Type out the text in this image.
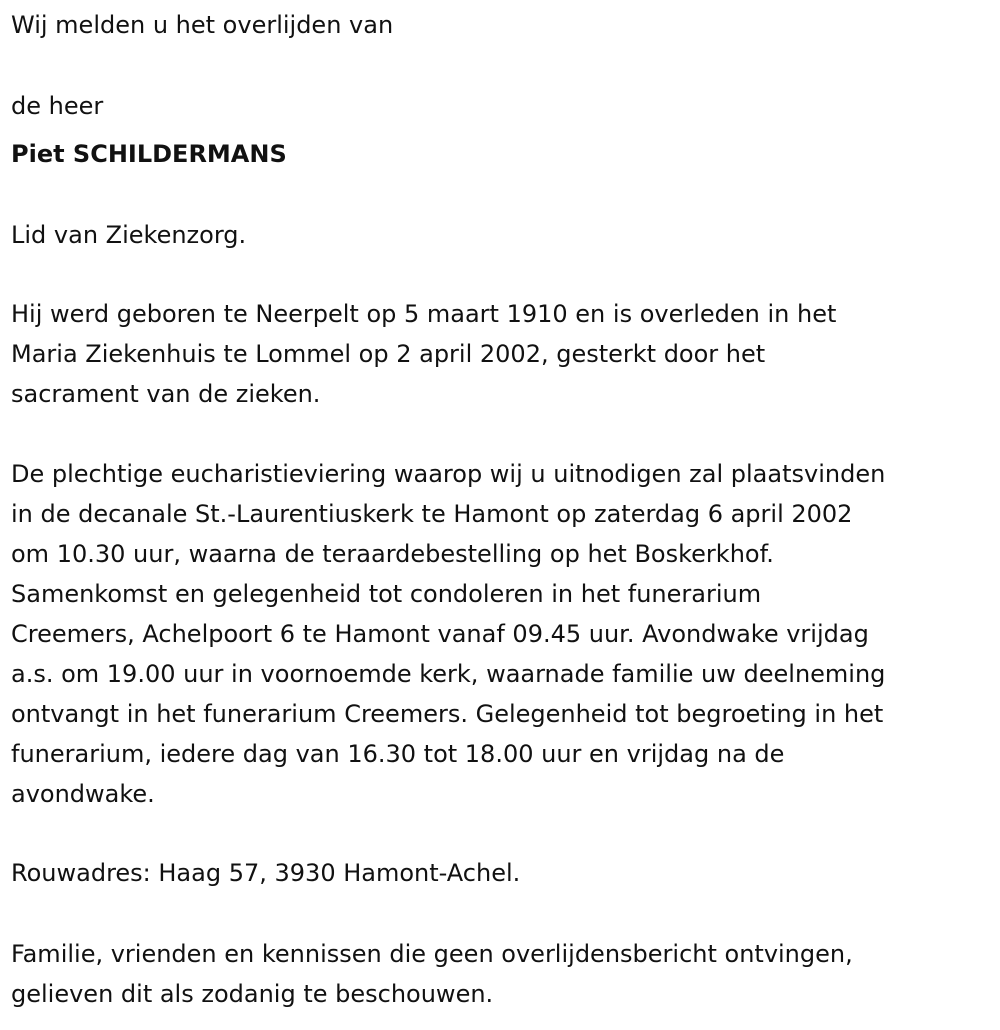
Wij melden u het overlijden van

de heer

Piet SCHILDERMANS

Lid van Ziekenzorg.

Hij werd geboren te Neerpelt op 5 maart 1910 en is overleden in het

Maria Ziekenhuis te Lommel op 2 april 2002, gesterkt door het

sacrament van de zieken.

De plechtige eucharistieviering waarop wij u uitnodigen zal plaatsvinden

in de decanale St.-Laurentiuskerk te Hamont op zaterdag 6 april 2002

om 10.30 uur, waarna de teraardebestelling op het Boskerkhof.

Samenkomst en gelegenheid tot condoleren in het funerarium

Creemers, Achelpoort 6 te Hamont vanaf 09.45 uur. Avondwake vrijdag

a.s. om 19.00 uur in voornoemde kerk, waarnade familie uw deelneming

ontvangt in het funerarium Creemers. Gelegenheid tot begroeting in het

funerarium, iedere dag van 16.30 tot 18.00 uur en vrijdag na de

avondwake.

Rouwadres: Haag 57, 3930 Hamont-Achel.

Familie, vrienden en kennissen die geen overlijdensbericht ontvingen,

gelieven dit als zodanig te beschouwen.
